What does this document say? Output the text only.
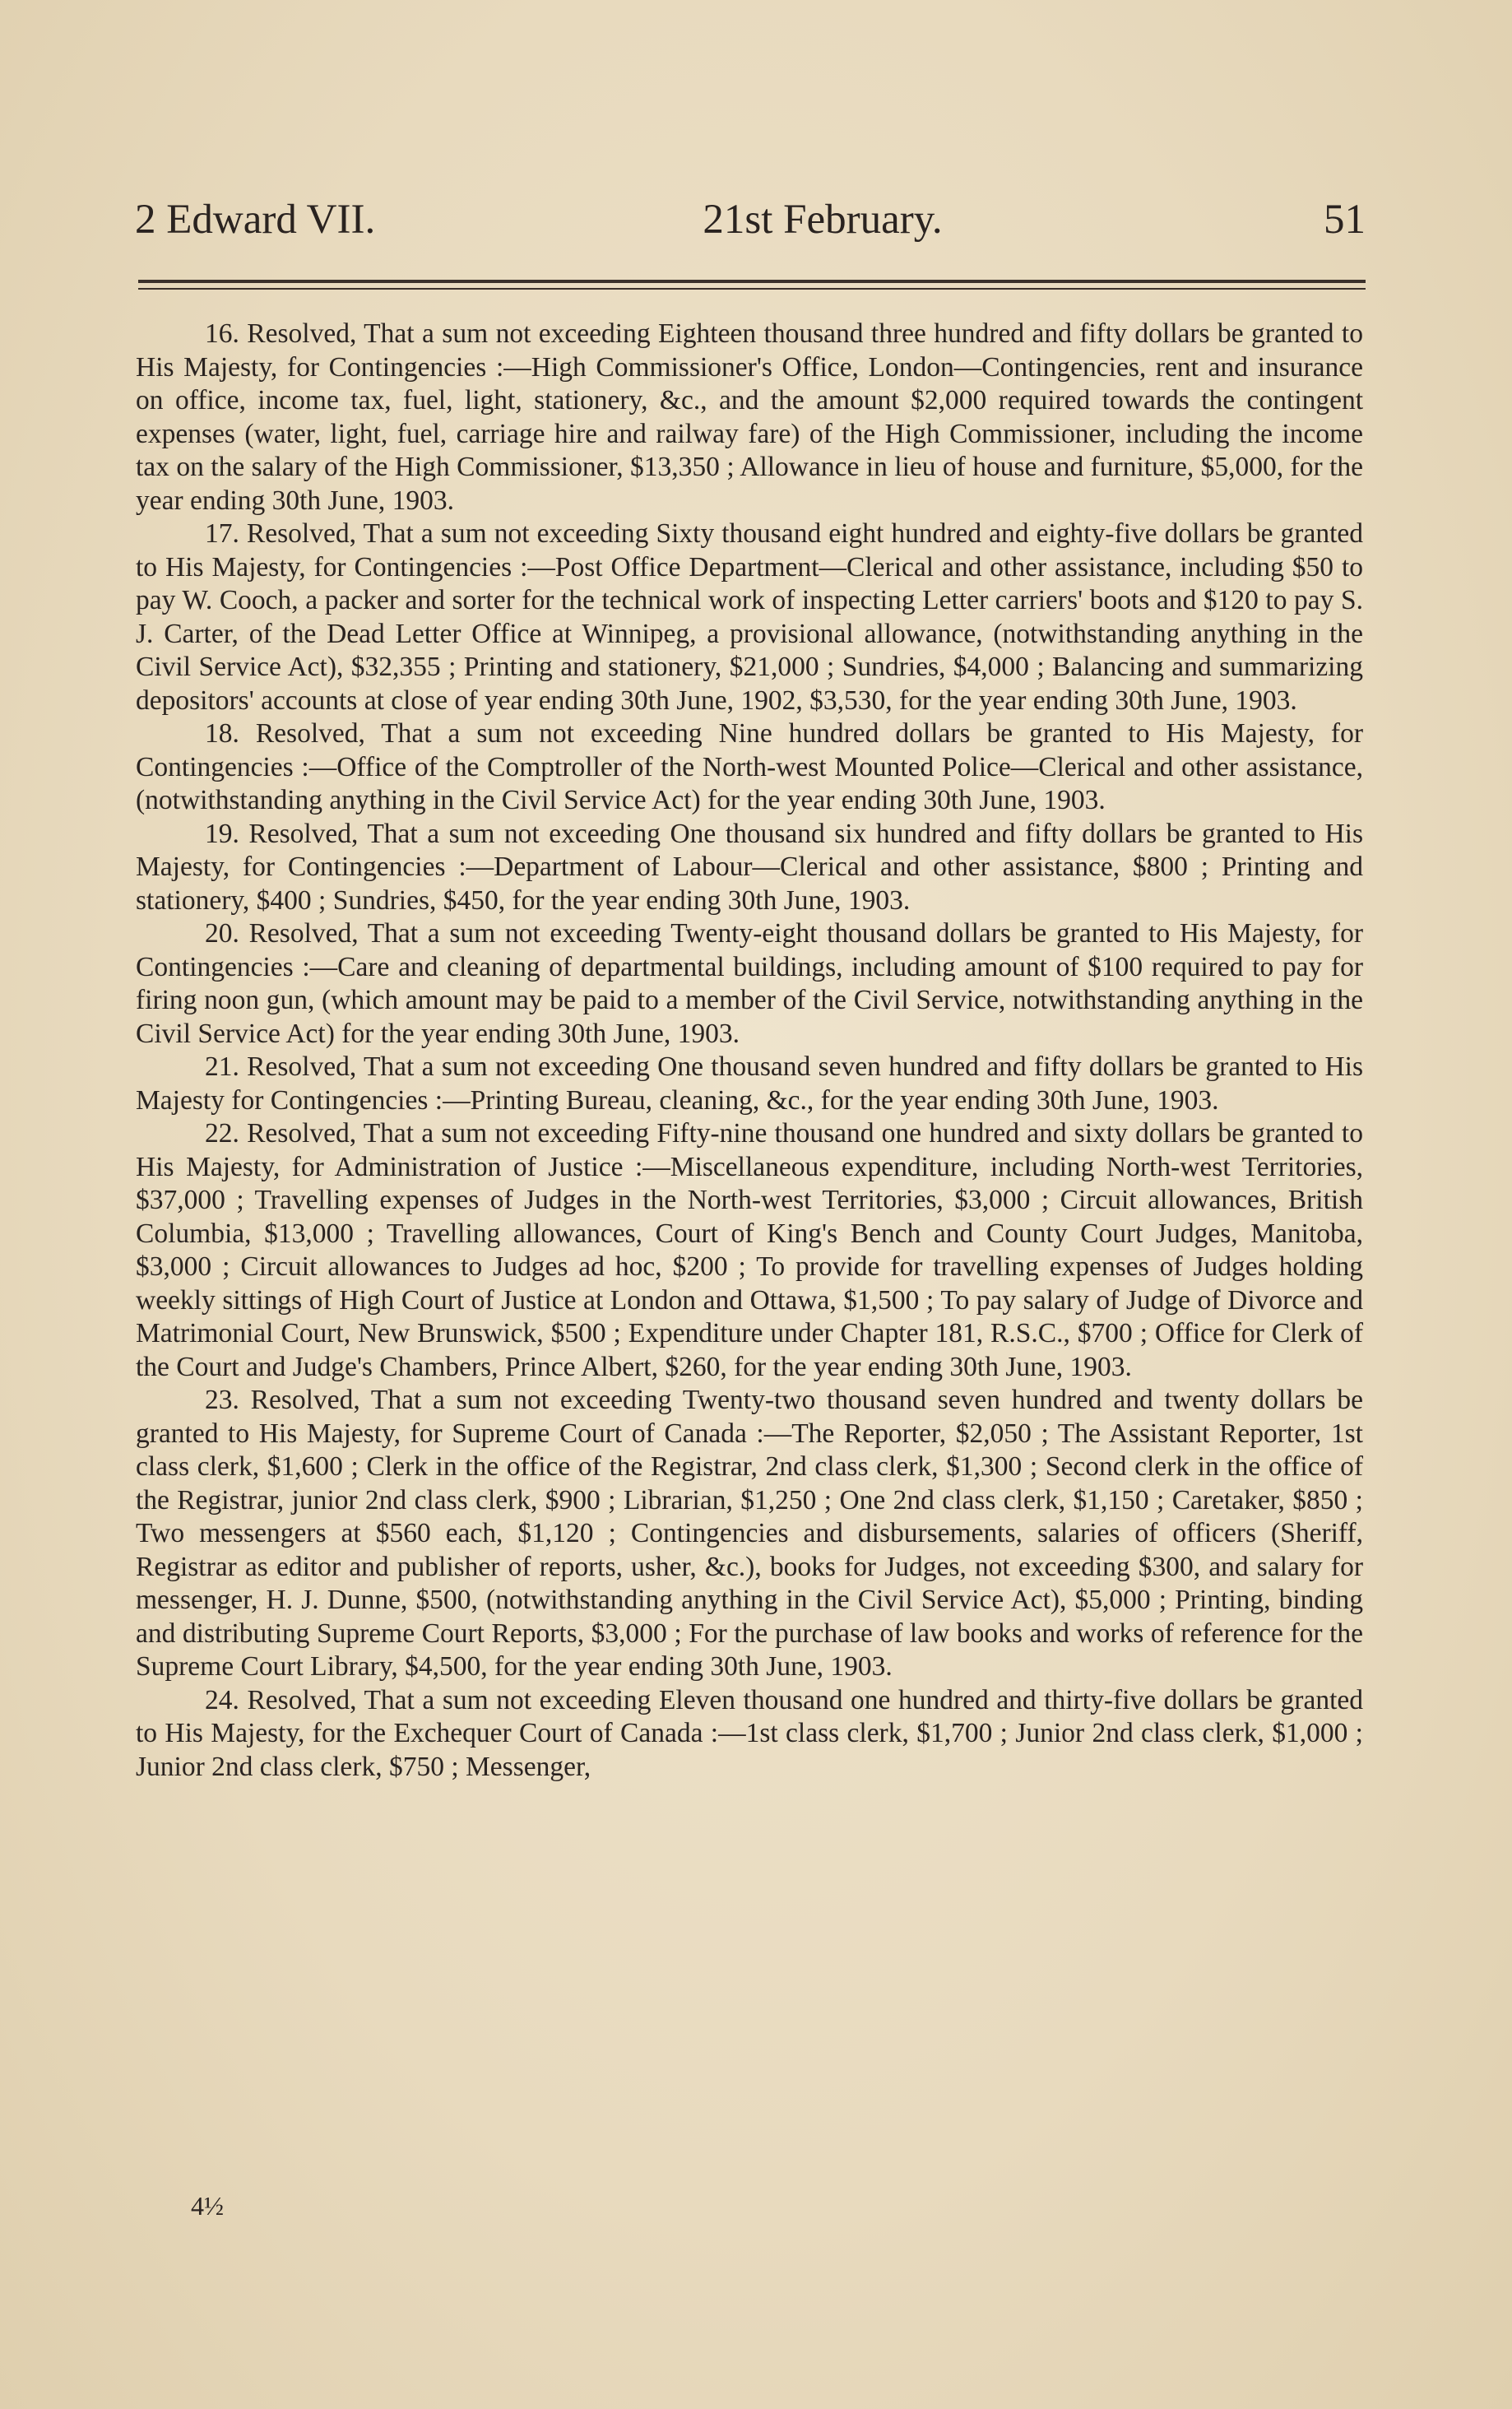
2 Edward VII.	21st February.	51

16. Resolved, That a sum not exceeding Eighteen thousand three hundred and fifty dollars be granted to His Majesty, for Contingencies :—High Commissioner's Office, London—Contingencies, rent and insurance on office, income tax, fuel, light, stationery, &c., and the amount $2,000 required towards the contingent expenses (water, light, fuel, carriage hire and railway fare) of the High Commissioner, including the income tax on the salary of the High Commissioner, $13,350 ; Allowance in lieu of house and furniture, $5,000, for the year ending 30th June, 1903.

17. Resolved, That a sum not exceeding Sixty thousand eight hundred and eighty-five dollars be granted to His Majesty, for Contingencies :—Post Office Department—Clerical and other assistance, including $50 to pay W. Cooch, a packer and sorter for the technical work of inspecting Letter carriers' boots and $120 to pay S. J. Carter, of the Dead Letter Office at Winnipeg, a provisional allowance, (notwithstanding anything in the Civil Service Act), $32,355 ; Printing and stationery, $21,000 ; Sundries, $4,000 ; Balancing and summarizing depositors' accounts at close of year ending 30th June, 1902, $3,530, for the year ending 30th June, 1903.

18. Resolved, That a sum not exceeding Nine hundred dollars be granted to His Majesty, for Contingencies :—Office of the Comptroller of the North-west Mounted Police—Clerical and other assistance, (notwithstanding anything in the Civil Service Act) for the year ending 30th June, 1903.

19. Resolved, That a sum not exceeding One thousand six hundred and fifty dollars be granted to His Majesty, for Contingencies :—Department of Labour—Clerical and other assistance, $800 ; Printing and stationery, $400 ; Sundries, $450, for the year ending 30th June, 1903.

20. Resolved, That a sum not exceeding Twenty-eight thousand dollars be granted to His Majesty, for Contingencies :—Care and cleaning of departmental buildings, including amount of $100 required to pay for firing noon gun, (which amount may be paid to a member of the Civil Service, notwithstanding anything in the Civil Service Act) for the year ending 30th June, 1903.

21. Resolved, That a sum not exceeding One thousand seven hundred and fifty dollars be granted to His Majesty for Contingencies :—Printing Bureau, cleaning, &c., for the year ending 30th June, 1903.

22. Resolved, That a sum not exceeding Fifty-nine thousand one hundred and sixty dollars be granted to His Majesty, for Administration of Justice :—Miscellaneous expenditure, including North-west Territories, $37,000 ; Travelling expenses of Judges in the North-west Territories, $3,000 ; Circuit allowances, British Columbia, $13,000 ; Travelling allowances, Court of King's Bench and County Court Judges, Manitoba, $3,000 ; Circuit allowances to Judges ad hoc, $200 ; To provide for travelling expenses of Judges holding weekly sittings of High Court of Justice at London and Ottawa, $1,500 ; To pay salary of Judge of Divorce and Matrimonial Court, New Brunswick, $500 ; Expenditure under Chapter 181, R.S.C., $700 ; Office for Clerk of the Court and Judge's Chambers, Prince Albert, $260, for the year ending 30th June, 1903.

23. Resolved, That a sum not exceeding Twenty-two thousand seven hundred and twenty dollars be granted to His Majesty, for Supreme Court of Canada :—The Reporter, $2,050 ; The Assistant Reporter, 1st class clerk, $1,600 ; Clerk in the office of the Registrar, 2nd class clerk, $1,300 ; Second clerk in the office of the Registrar, junior 2nd class clerk, $900 ; Librarian, $1,250 ; One 2nd class clerk, $1,150 ; Caretaker, $850 ; Two messengers at $560 each, $1,120 ; Contingencies and disbursements, salaries of officers (Sheriff, Registrar as editor and publisher of reports, usher, &c.), books for Judges, not exceeding $300, and salary for messenger, H. J. Dunne, $500, (notwithstanding anything in the Civil Service Act), $5,000 ; Printing, binding and distributing Supreme Court Reports, $3,000 ; For the purchase of law books and works of reference for the Supreme Court Library, $4,500, for the year ending 30th June, 1903.

24. Resolved, That a sum not exceeding Eleven thousand one hundred and thirty-five dollars be granted to His Majesty, for the Exchequer Court of Canada :—1st class clerk, $1,700 ; Junior 2nd class clerk, $1,000 ; Junior 2nd class clerk, $750 ; Messenger,

4½
